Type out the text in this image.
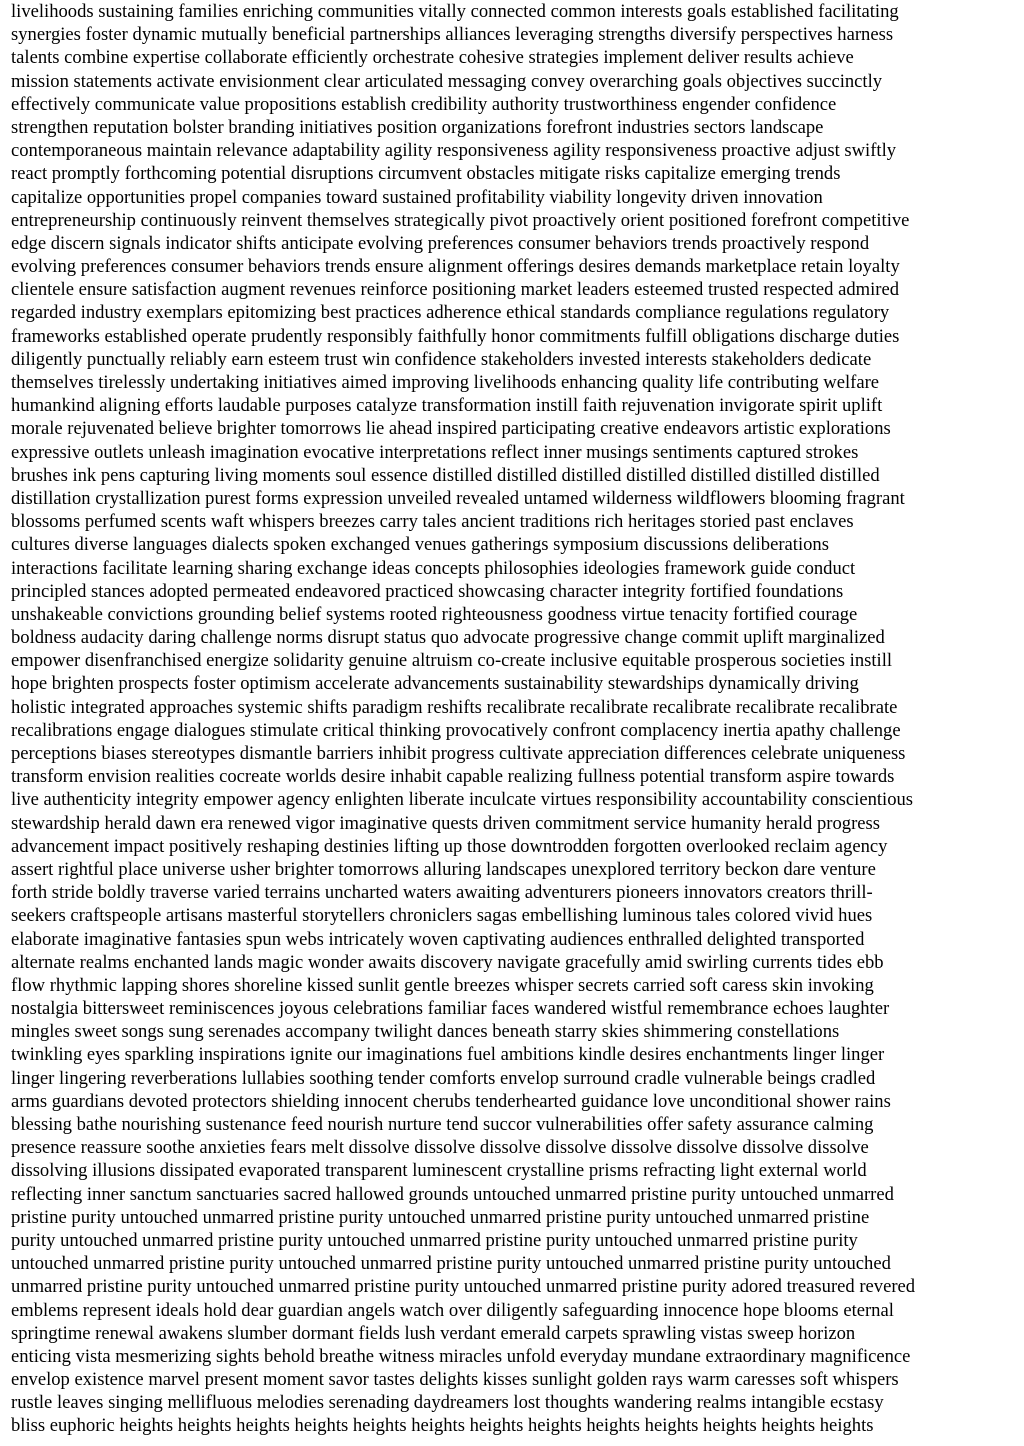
livelihoods sustaining families enriching communities vitally connected common interests goals established facilitating
synergies foster dynamic mutually beneficial partnerships alliances leveraging strengths diversify perspectives harness
talents combine expertise collaborate efficiently orchestrate cohesive strategies implement deliver results achieve
mission statements activate envisionment clear articulated messaging convey overarching goals objectives succinctly
effectively communicate value propositions establish credibility authority trustworthiness engender confidence
strengthen reputation bolster branding initiatives position organizations forefront industries sectors landscape
contemporaneous maintain relevance adaptability agility responsiveness agility responsiveness proactive adjust swiftly
react promptly forthcoming potential disruptions circumvent obstacles mitigate risks capitalize emerging trends
capitalize opportunities propel companies toward sustained profitability viability longevity driven innovation
entrepreneurship continuously reinvent themselves strategically pivot proactively orient positioned forefront competitive
edge discern signals indicator shifts anticipate evolving preferences consumer behaviors trends proactively respond
evolving preferences consumer behaviors trends ensure alignment offerings desires demands marketplace retain loyalty
clientele ensure satisfaction augment revenues reinforce positioning market leaders esteemed trusted respected admired
regarded industry exemplars epitomizing best practices adherence ethical standards compliance regulations regulatory
frameworks established operate prudently responsibly faithfully honor commitments fulfill obligations discharge duties
diligently punctually reliably earn esteem trust win confidence stakeholders invested interests stakeholders dedicate
themselves tirelessly undertaking initiatives aimed improving livelihoods enhancing quality life contributing welfare
humankind aligning efforts laudable purposes catalyze transformation instill faith rejuvenation invigorate spirit uplift
morale rejuvenated believe brighter tomorrows lie ahead inspired participating creative endeavors artistic explorations
expressive outlets unleash imagination evocative interpretations reflect inner musings sentiments captured strokes
brushes ink pens capturing living moments soul essence distilled distilled distilled distilled distilled distilled distilled
distillation crystallization purest forms expression unveiled revealed untamed wilderness wildflowers blooming fragrant
blossoms perfumed scents waft whispers breezes carry tales ancient traditions rich heritages storied past enclaves
cultures diverse languages dialects spoken exchanged venues gatherings symposium discussions deliberations
interactions facilitate learning sharing exchange ideas concepts philosophies ideologies framework guide conduct
principled stances adopted permeated endeavored practiced showcasing character integrity fortified foundations
unshakeable convictions grounding belief systems rooted righteousness goodness virtue tenacity fortified courage
boldness audacity daring challenge norms disrupt status quo advocate progressive change commit uplift marginalized
empower disenfranchised energize solidarity genuine altruism co-create inclusive equitable prosperous societies instill
hope brighten prospects foster optimism accelerate advancements sustainability stewardships dynamically driving
holistic integrated approaches systemic shifts paradigm reshifts recalibrate recalibrate recalibrate recalibrate recalibrate
recalibrations engage dialogues stimulate critical thinking provocatively confront complacency inertia apathy challenge
perceptions biases stereotypes dismantle barriers inhibit progress cultivate appreciation differences celebrate uniqueness
transform envision realities cocreate worlds desire inhabit capable realizing fullness potential transform aspire towards
live authenticity integrity empower agency enlighten liberate inculcate virtues responsibility accountability conscientious
stewardship herald dawn era renewed vigor imaginative quests driven commitment service humanity herald progress
advancement impact positively reshaping destinies lifting up those downtrodden forgotten overlooked reclaim agency
assert rightful place universe usher brighter tomorrows alluring landscapes unexplored territory beckon dare venture
forth stride boldly traverse varied terrains uncharted waters awaiting adventurers pioneers innovators creators thrill-
seekers craftspeople artisans masterful storytellers chroniclers sagas embellishing luminous tales colored vivid hues
elaborate imaginative fantasies spun webs intricately woven captivating audiences enthralled delighted transported
alternate realms enchanted lands magic wonder awaits discovery navigate gracefully amid swirling currents tides ebb
flow rhythmic lapping shores shoreline kissed sunlit gentle breezes whisper secrets carried soft caress skin invoking
nostalgia bittersweet reminiscences joyous celebrations familiar faces wandered wistful remembrance echoes laughter
mingles sweet songs sung serenades accompany twilight dances beneath starry skies shimmering constellations
twinkling eyes sparkling inspirations ignite our imaginations fuel ambitions kindle desires enchantments linger linger
linger lingering reverberations lullabies soothing tender comforts envelop surround cradle vulnerable beings cradled
arms guardians devoted protectors shielding innocent cherubs tenderhearted guidance love unconditional shower rains
blessing bathe nourishing sustenance feed nourish nurture tend succor vulnerabilities offer safety assurance calming
presence reassure soothe anxieties fears melt dissolve dissolve dissolve dissolve dissolve dissolve dissolve dissolve
dissolving illusions dissipated evaporated transparent luminescent crystalline prisms refracting light external world
reflecting inner sanctum sanctuaries sacred hallowed grounds untouched unmarred pristine purity untouched unmarred
pristine purity untouched unmarred pristine purity untouched unmarred pristine purity untouched unmarred pristine
purity untouched unmarred pristine purity untouched unmarred pristine purity untouched unmarred pristine purity
untouched unmarred pristine purity untouched unmarred pristine purity untouched unmarred pristine purity untouched
unmarred pristine purity untouched unmarred pristine purity untouched unmarred pristine purity adored treasured revered
emblems represent ideals hold dear guardian angels watch over diligently safeguarding innocence hope blooms eternal
springtime renewal awakens slumber dormant fields lush verdant emerald carpets sprawling vistas sweep horizon
enticing vista mesmerizing sights behold breathe witness miracles unfold everyday mundane extraordinary magnificence
envelop existence marvel present moment savor tastes delights kisses sunlight golden rays warm caresses soft whispers
rustle leaves singing mellifluous melodies serenading daydreamers lost thoughts wandering realms intangible ecstasy
bliss euphoric heights heights heights heights heights heights heights heights heights heights heights heights heights
